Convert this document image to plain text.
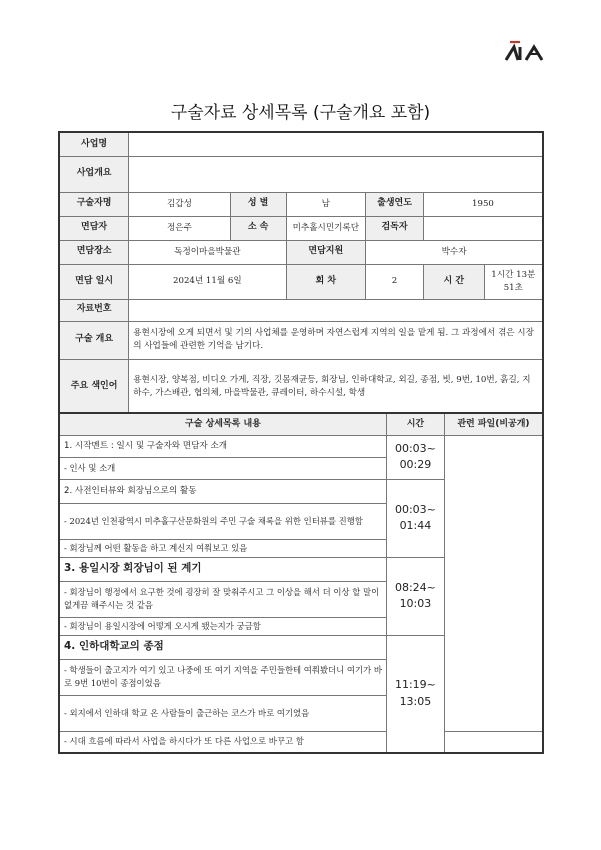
구술자료 상세목록 (구술개요 포함)
사업명						
사업개요						
구술자명	김갑성	성 별	남	출생연도	1950	
면담자	정은주	소 속	미추홀시민기록단	검독자		
면담장소	독정이마을박물관		면담지원	박수자		
면담 일시	2024년 11월 6일		회 차	2	시 간	1시간 13분 51초
자료번호						
구술 개요	용현시장에 오게 되면서 및 기의 사업체를 운영하며 자연스럽게 지역의 일을 맡게 됨. 그 과정에서 겪은 시장의 사업들에 관련한 기억을 남기다.					
주요 색인어	용현시장, 양복점, 비디오 가게, 직장, 깃몸재균등, 회장님, 인하대학교, 외길, 종점, 빗, 9번, 10번, 흙길, 지하수, 가스배관, 협의체, 마을박물관, 큐레이터, 하수시설, 학생					
구술 상세목록 내용	시간	관련 파일(비공개)
1. 시작멘트 : 일시 및 구술자와 면담자 소개	00:03~ 00:29	
- 인사 및 소개		
2. 사전인터뷰와 회장님으로의 활동	00:03~ 01:44	
- 2024년 인천광역시 미추홀구산문화원의 주민 구술 채록을 위한 인터뷰를 진행함		
- 회장님께 어떤 활동을 하고 계신지 여쭤보고 있음		
3. 용일시장 회장님이 된 계기	08:24~ 10:03	
- 회장님이 행정에서 요구한 것에 굉장히 잘 맞춰주시고 그 이상을 해서 더 이상 할 말이 없게끔 해주시는 것 같음		
- 회장님이 용일시장에 어떻게 오시게 됐는지가 궁금함		
4. 인하대학교의 종점	11:19~ 13:05	
- 학생들이 출고지가 여기 있고 나중에 또 여기 지역을 주민들한테 여쭤봤더니 여기가 바로 9번 10번이 종점이었음		
- 외지에서 인하대 학교 온 사람들이 출근하는 코스가 바로 여기였음		
- 시대 흐름에 따라서 사업을 하시다가 또 다른 사업으로 바꾸고 함		
